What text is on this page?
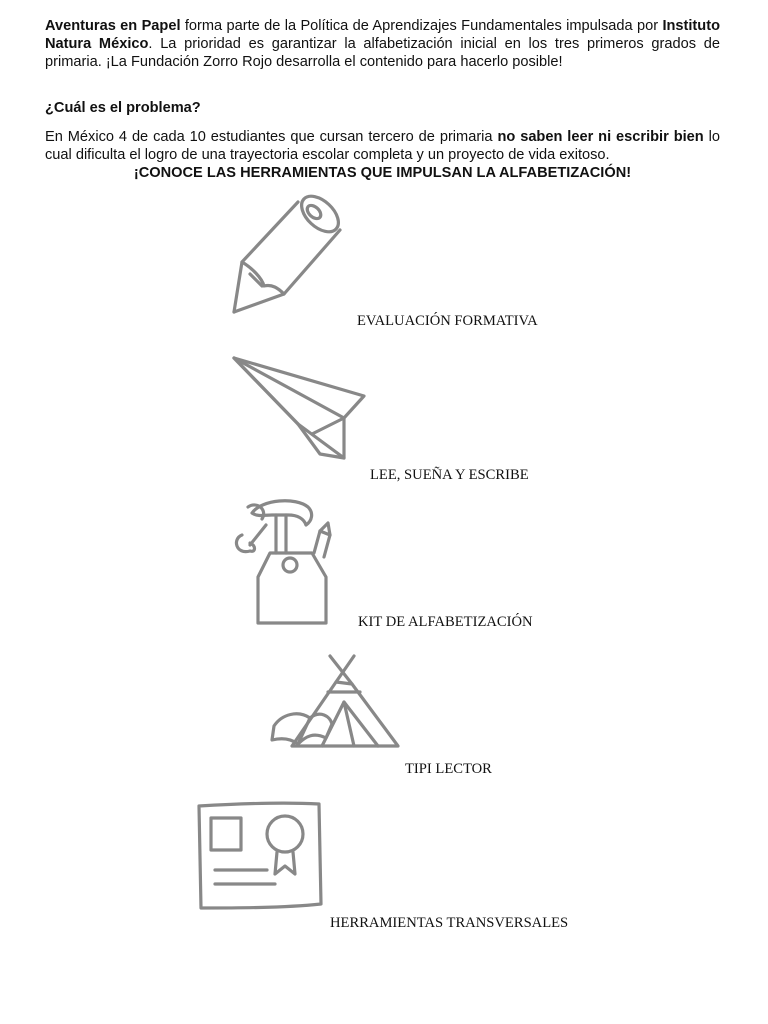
Aventuras en Papel forma parte de la Política de Aprendizajes Fundamentales impulsada por Instituto Natura México. La prioridad es garantizar la alfabetización inicial en los tres primeros grados de primaria. ¡La Fundación Zorro Rojo desarrolla el contenido para hacerlo posible!

¿Cuál es el problema?

En México 4 de cada 10 estudiantes que cursan tercero de primaria no saben leer ni escribir bien lo cual dificulta el logro de una trayectoria escolar completa y un proyecto de vida exitoso.

¡CONOCE LAS HERRAMIENTAS QUE IMPULSAN LA ALFABETIZACIÓN!
EVALUACIÓN FORMATIVA
LEE, SUEÑA Y ESCRIBE
KIT DE ALFABETIZACIÓN
TIPI LECTOR
HERRAMIENTAS TRANSVERSALES
